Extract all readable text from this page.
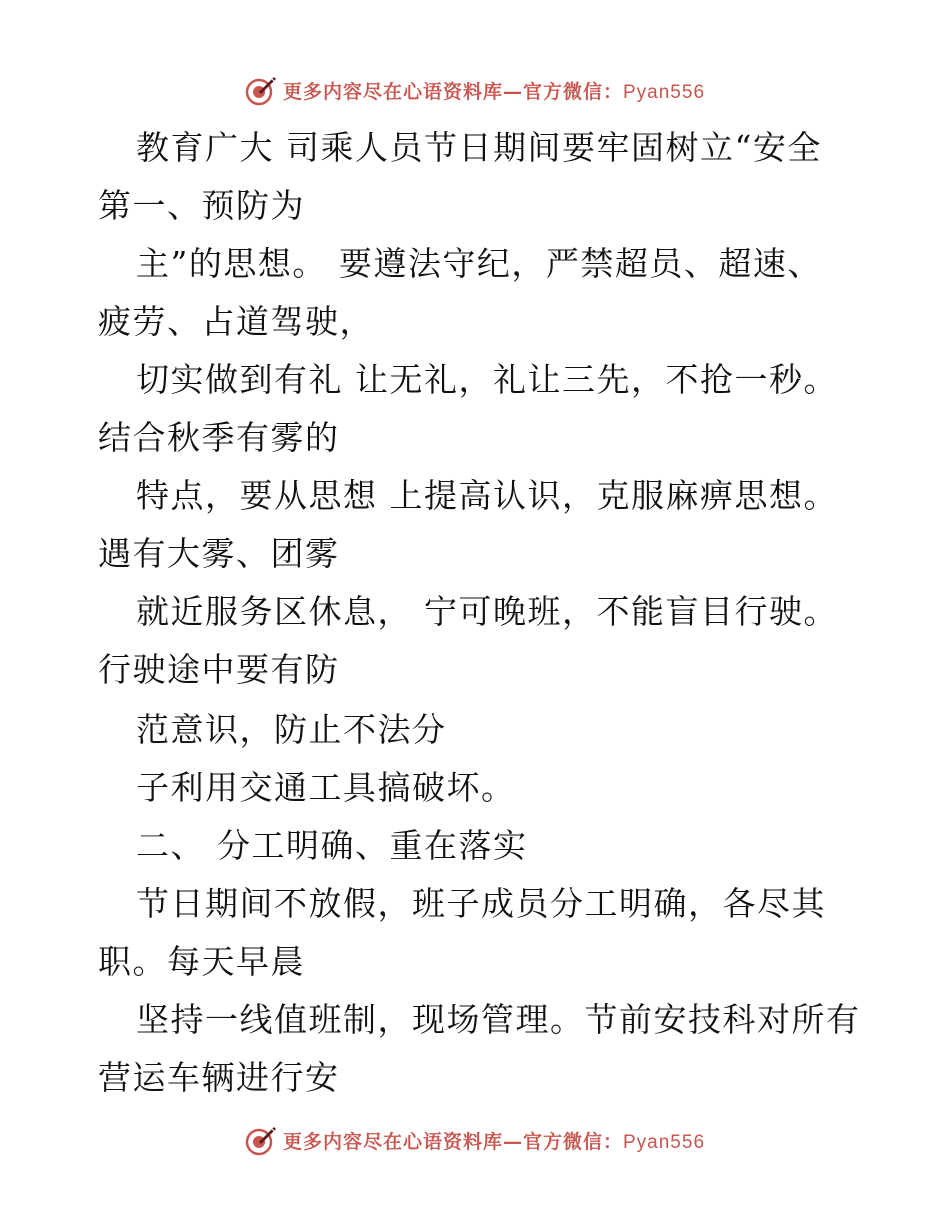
更多内容尽在心语资料库—官方微信：Pyan556
教育广大 司乘人员节日期间要牢固树立“安全
第一、预防为
主”的思想。 要遵法守纪，严禁超员、超速、
疲劳、占道驾驶，
切实做到有礼 让无礼，礼让三先，不抢一秒。
结合秋季有雾的
特点，要从思想 上提高认识，克服麻痹思想。
遇有大雾、团雾
就近服务区休息， 宁可晚班，不能盲目行驶。
行驶途中要有防
范意识，防止不法分
子利用交通工具搞破坏。
二、 分工明确、重在落实
节日期间不放假，班子成员分工明确，各尽其
职。每天早晨
坚持一线值班制，现场管理。节前安技科对所有
营运车辆进行安
更多内容尽在心语资料库—官方微信：Pyan556
